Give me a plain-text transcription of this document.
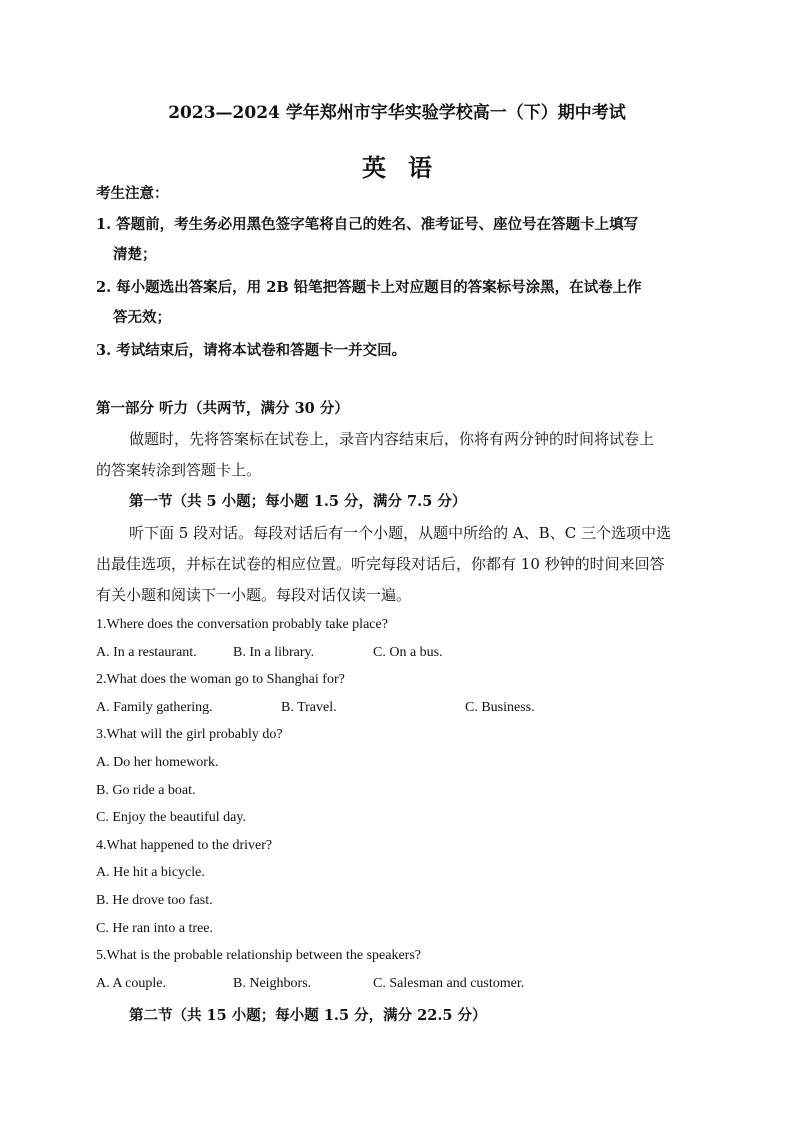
2023—2024 学年郑州市宇华实验学校高一（下）期中考试
英语
考生注意：
1. 答题前，考生务必用黑色签字笔将自己的姓名、准考证号、座位号在答题卡上填写
清楚；
2. 每小题选出答案后，用 2B 铅笔把答题卡上对应题目的答案标号涂黑，在试卷上作
答无效；
3. 考试结束后，请将本试卷和答题卡一并交回。
第一部分 听力（共两节，满分 30 分）
做题时，先将答案标在试卷上，录音内容结束后，你将有两分钟的时间将试卷上
的答案转涂到答题卡上。
第一节（共 5 小题；每小题 1.5 分，满分 7.5 分）
听下面 5 段对话。每段对话后有一个小题，从题中所给的 A、B、C 三个选项中选
出最佳选项，并标在试卷的相应位置。听完每段对话后，你都有 10 秒钟的时间来回答
有关小题和阅读下一小题。每段对话仅读一遍。
1.Where does the conversation probably take place?
A. In a restaurant.	B. In a library.	C. On a bus.
2.What does the woman go to Shanghai for?
A. Family gathering.	B. Travel.	C. Business.
3.What will the girl probably do?
A. Do her homework.
B. Go ride a boat.
C. Enjoy the beautiful day.
4.What happened to the driver?
A. He hit a bicycle.
B. He drove too fast.
C. He ran into a tree.
5.What is the probable relationship between the speakers?
A. A couple.	B. Neighbors.	C. Salesman and customer.
第二节（共 15 小题；每小题 1.5 分，满分 22.5 分）
